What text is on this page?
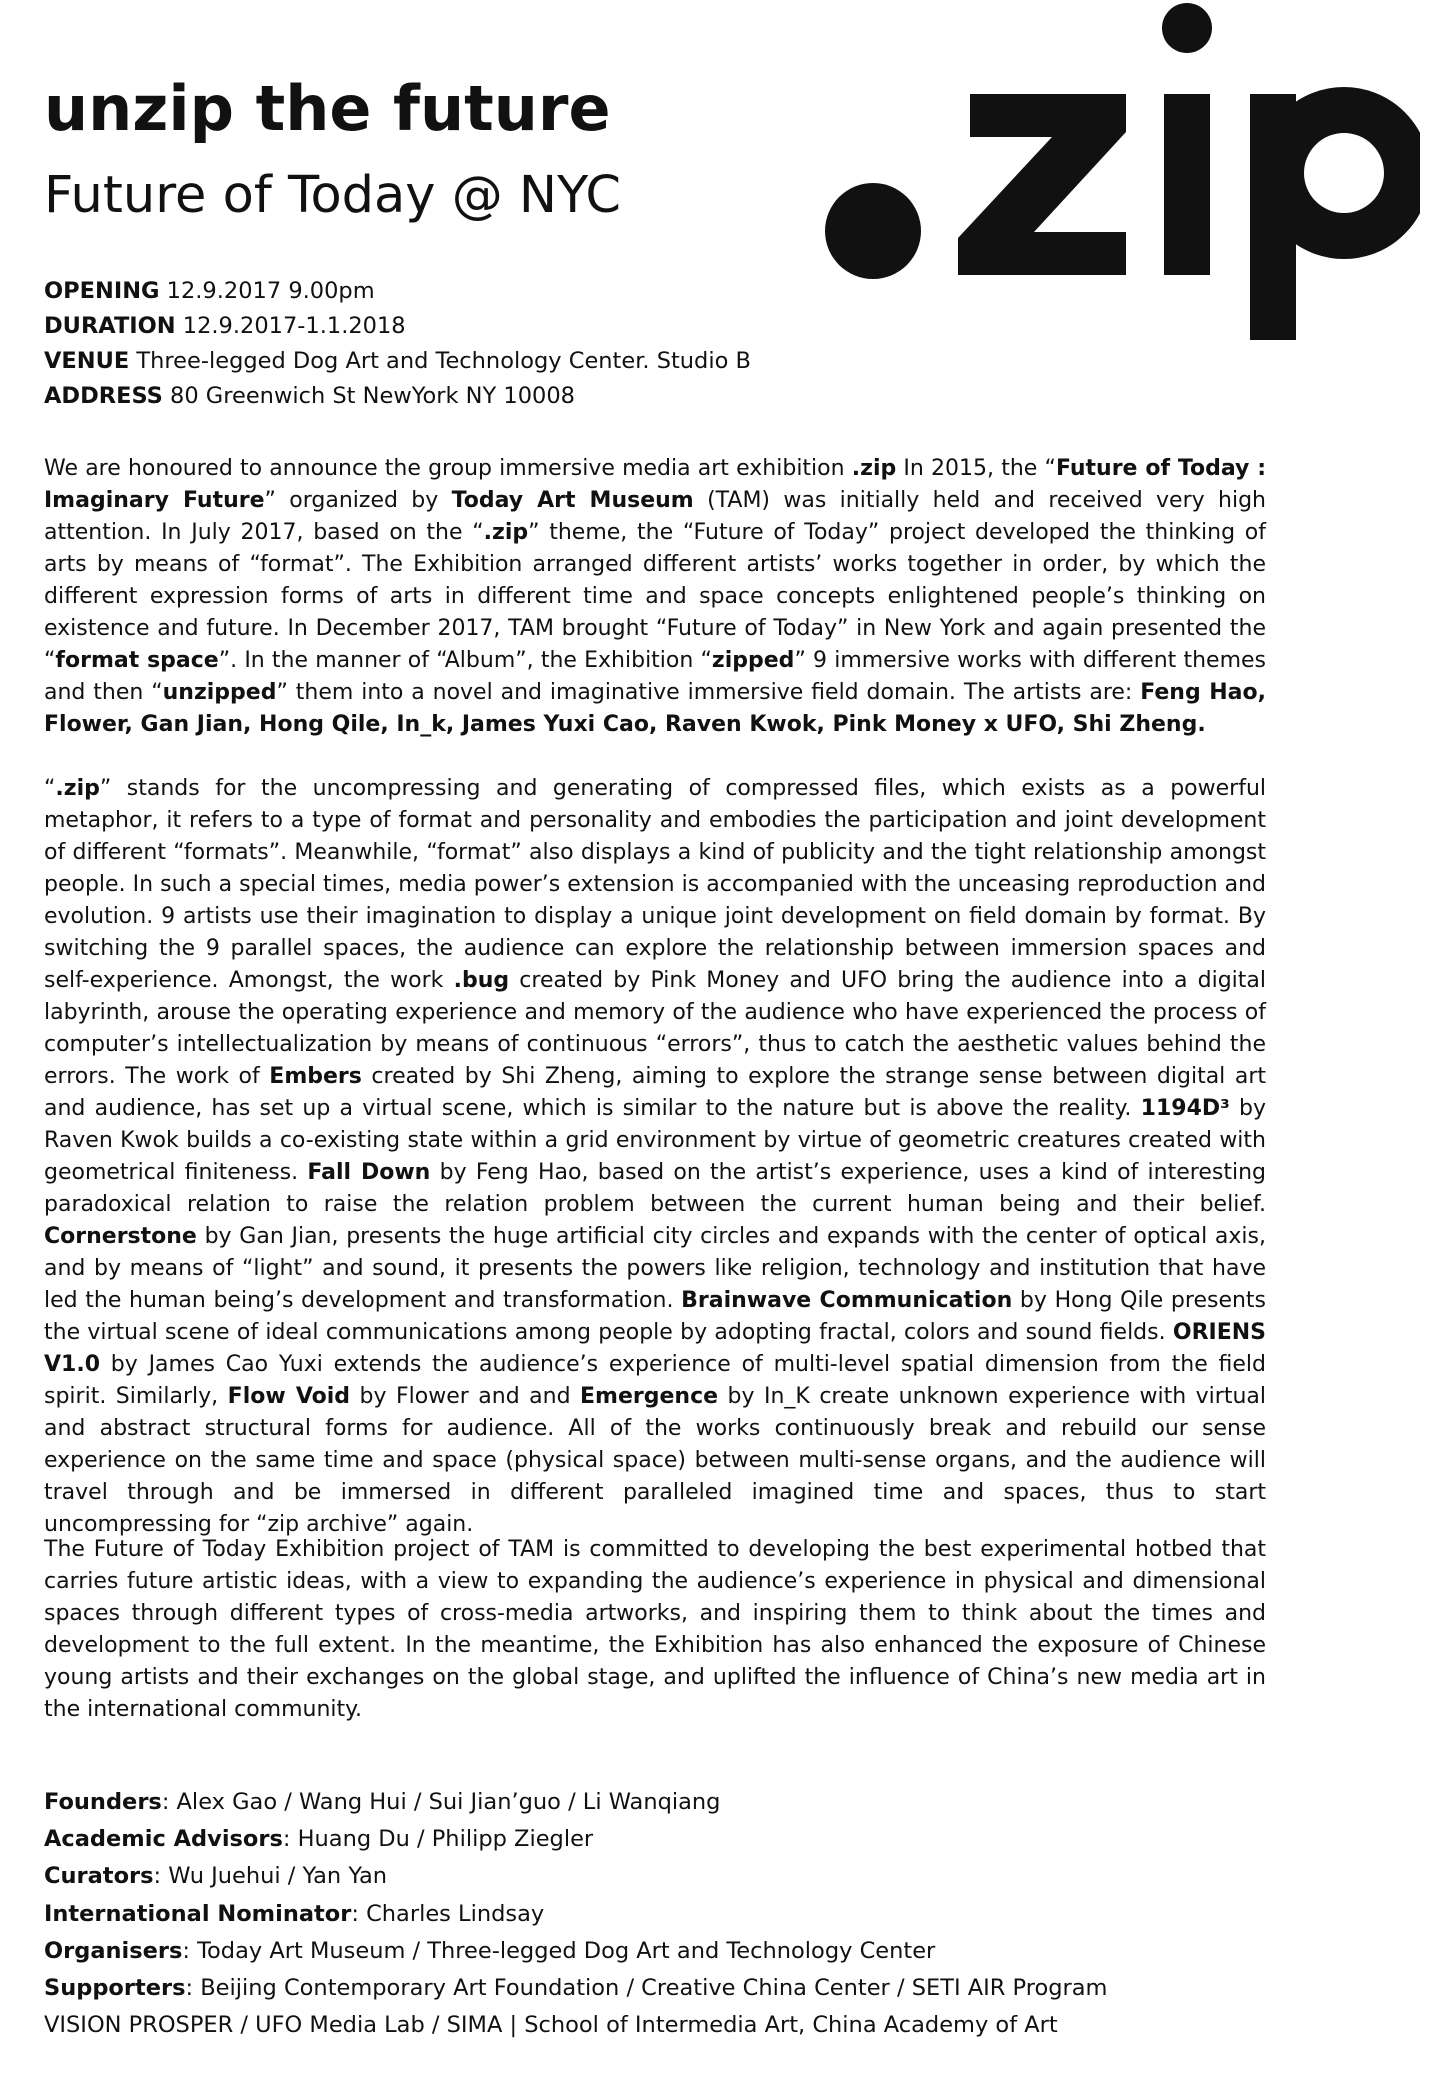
unzip the future
Future of Today @ NYC
.zip
OPENING 12.9.2017 9.00pm
DURATION 12.9.2017-1.1.2018
VENUE Three-legged Dog Art and Technology Center. Studio B
ADDRESS 80 Greenwich St NewYork NY 10008

We are honoured to announce the group immersive media art exhibition .zip In 2015, the “Future of Today : Imaginary Future” organized by Today Art Museum (TAM) was initially held and received very high attention. In July 2017, based on the “.zip” theme, the “Future of Today” project developed the thinking of arts by means of “format”. The Exhibition arranged different artists’ works together in order, by which the different expression forms of arts in different time and space concepts enlightened people’s thinking on existence and future. In December 2017, TAM brought “Future of Today” in New York and again presented the “format space”. In the manner of “Album”, the Exhibition “zipped” 9 immersive works with different themes and then “unzipped” them into a novel and imaginative immersive field domain. The artists are: Feng Hao, Flower, Gan Jian, Hong Qile, In_k, James Yuxi Cao, Raven Kwok, Pink Money x UFO, Shi Zheng.

“.zip” stands for the uncompressing and generating of compressed files, which exists as a powerful metaphor, it refers to a type of format and personality and embodies the participation and joint development of different “formats”. Meanwhile, “format” also displays a kind of publicity and the tight relationship amongst people. In such a special times, media power’s extension is accompanied with the unceasing reproduction and evolution. 9 artists use their imagination to display a unique joint development on field domain by format. By switching the 9 parallel spaces, the audience can explore the relationship between immersion spaces and self-experience. Amongst, the work .bug created by Pink Money and UFO bring the audience into a digital labyrinth, arouse the operating experience and memory of the audience who have experienced the process of computer’s intellectualization by means of continuous “errors”, thus to catch the aesthetic values behind the errors. The work of Embers created by Shi Zheng, aiming to explore the strange sense between digital art and audience, has set up a virtual scene, which is similar to the nature but is above the reality. 1194D³ by Raven Kwok builds a co-existing state within a grid environment by virtue of geometric creatures created with geometrical finiteness. Fall Down by Feng Hao, based on the artist’s experience, uses a kind of interesting paradoxical relation to raise the relation problem between the current human being and their belief. Cornerstone by Gan Jian, presents the huge artificial city circles and expands with the center of optical axis, and by means of “light” and sound, it presents the powers like religion, technology and institution that have led the human being’s development and transformation. Brainwave Communication by Hong Qile presents the virtual scene of ideal communications among people by adopting fractal, colors and sound fields. ORIENS V1.0 by James Cao Yuxi extends the audience’s experience of multi-level spatial dimension from the field spirit. Similarly, Flow Void by Flower and and Emergence by In_K create unknown experience with virtual and abstract structural forms for audience. All of the works continuously break and rebuild our sense experience on the same time and space (physical space) between multi-sense organs, and the audience will travel through and be immersed in different paralleled imagined time and spaces, thus to start uncompressing for “zip archive” again.

The Future of Today Exhibition project of TAM is committed to developing the best experimental hotbed that carries future artistic ideas, with a view to expanding the audience’s experience in physical and dimensional spaces through different types of cross-media artworks, and inspiring them to think about the times and development to the full extent. In the meantime, the Exhibition has also enhanced the exposure of Chinese young artists and their exchanges on the global stage, and uplifted the influence of China’s new media art in the international community.

Founders: Alex Gao / Wang Hui / Sui Jian’guo / Li Wanqiang
Academic Advisors: Huang Du / Philipp Ziegler
Curators: Wu Juehui / Yan Yan
International Nominator: Charles Lindsay
Organisers: Today Art Museum / Three-legged Dog Art and Technology Center
Supporters: Beijing Contemporary Art Foundation / Creative China Center / SETI AIR Program
VISION PROSPER / UFO Media Lab / SIMA | School of Intermedia Art, China Academy of Art
